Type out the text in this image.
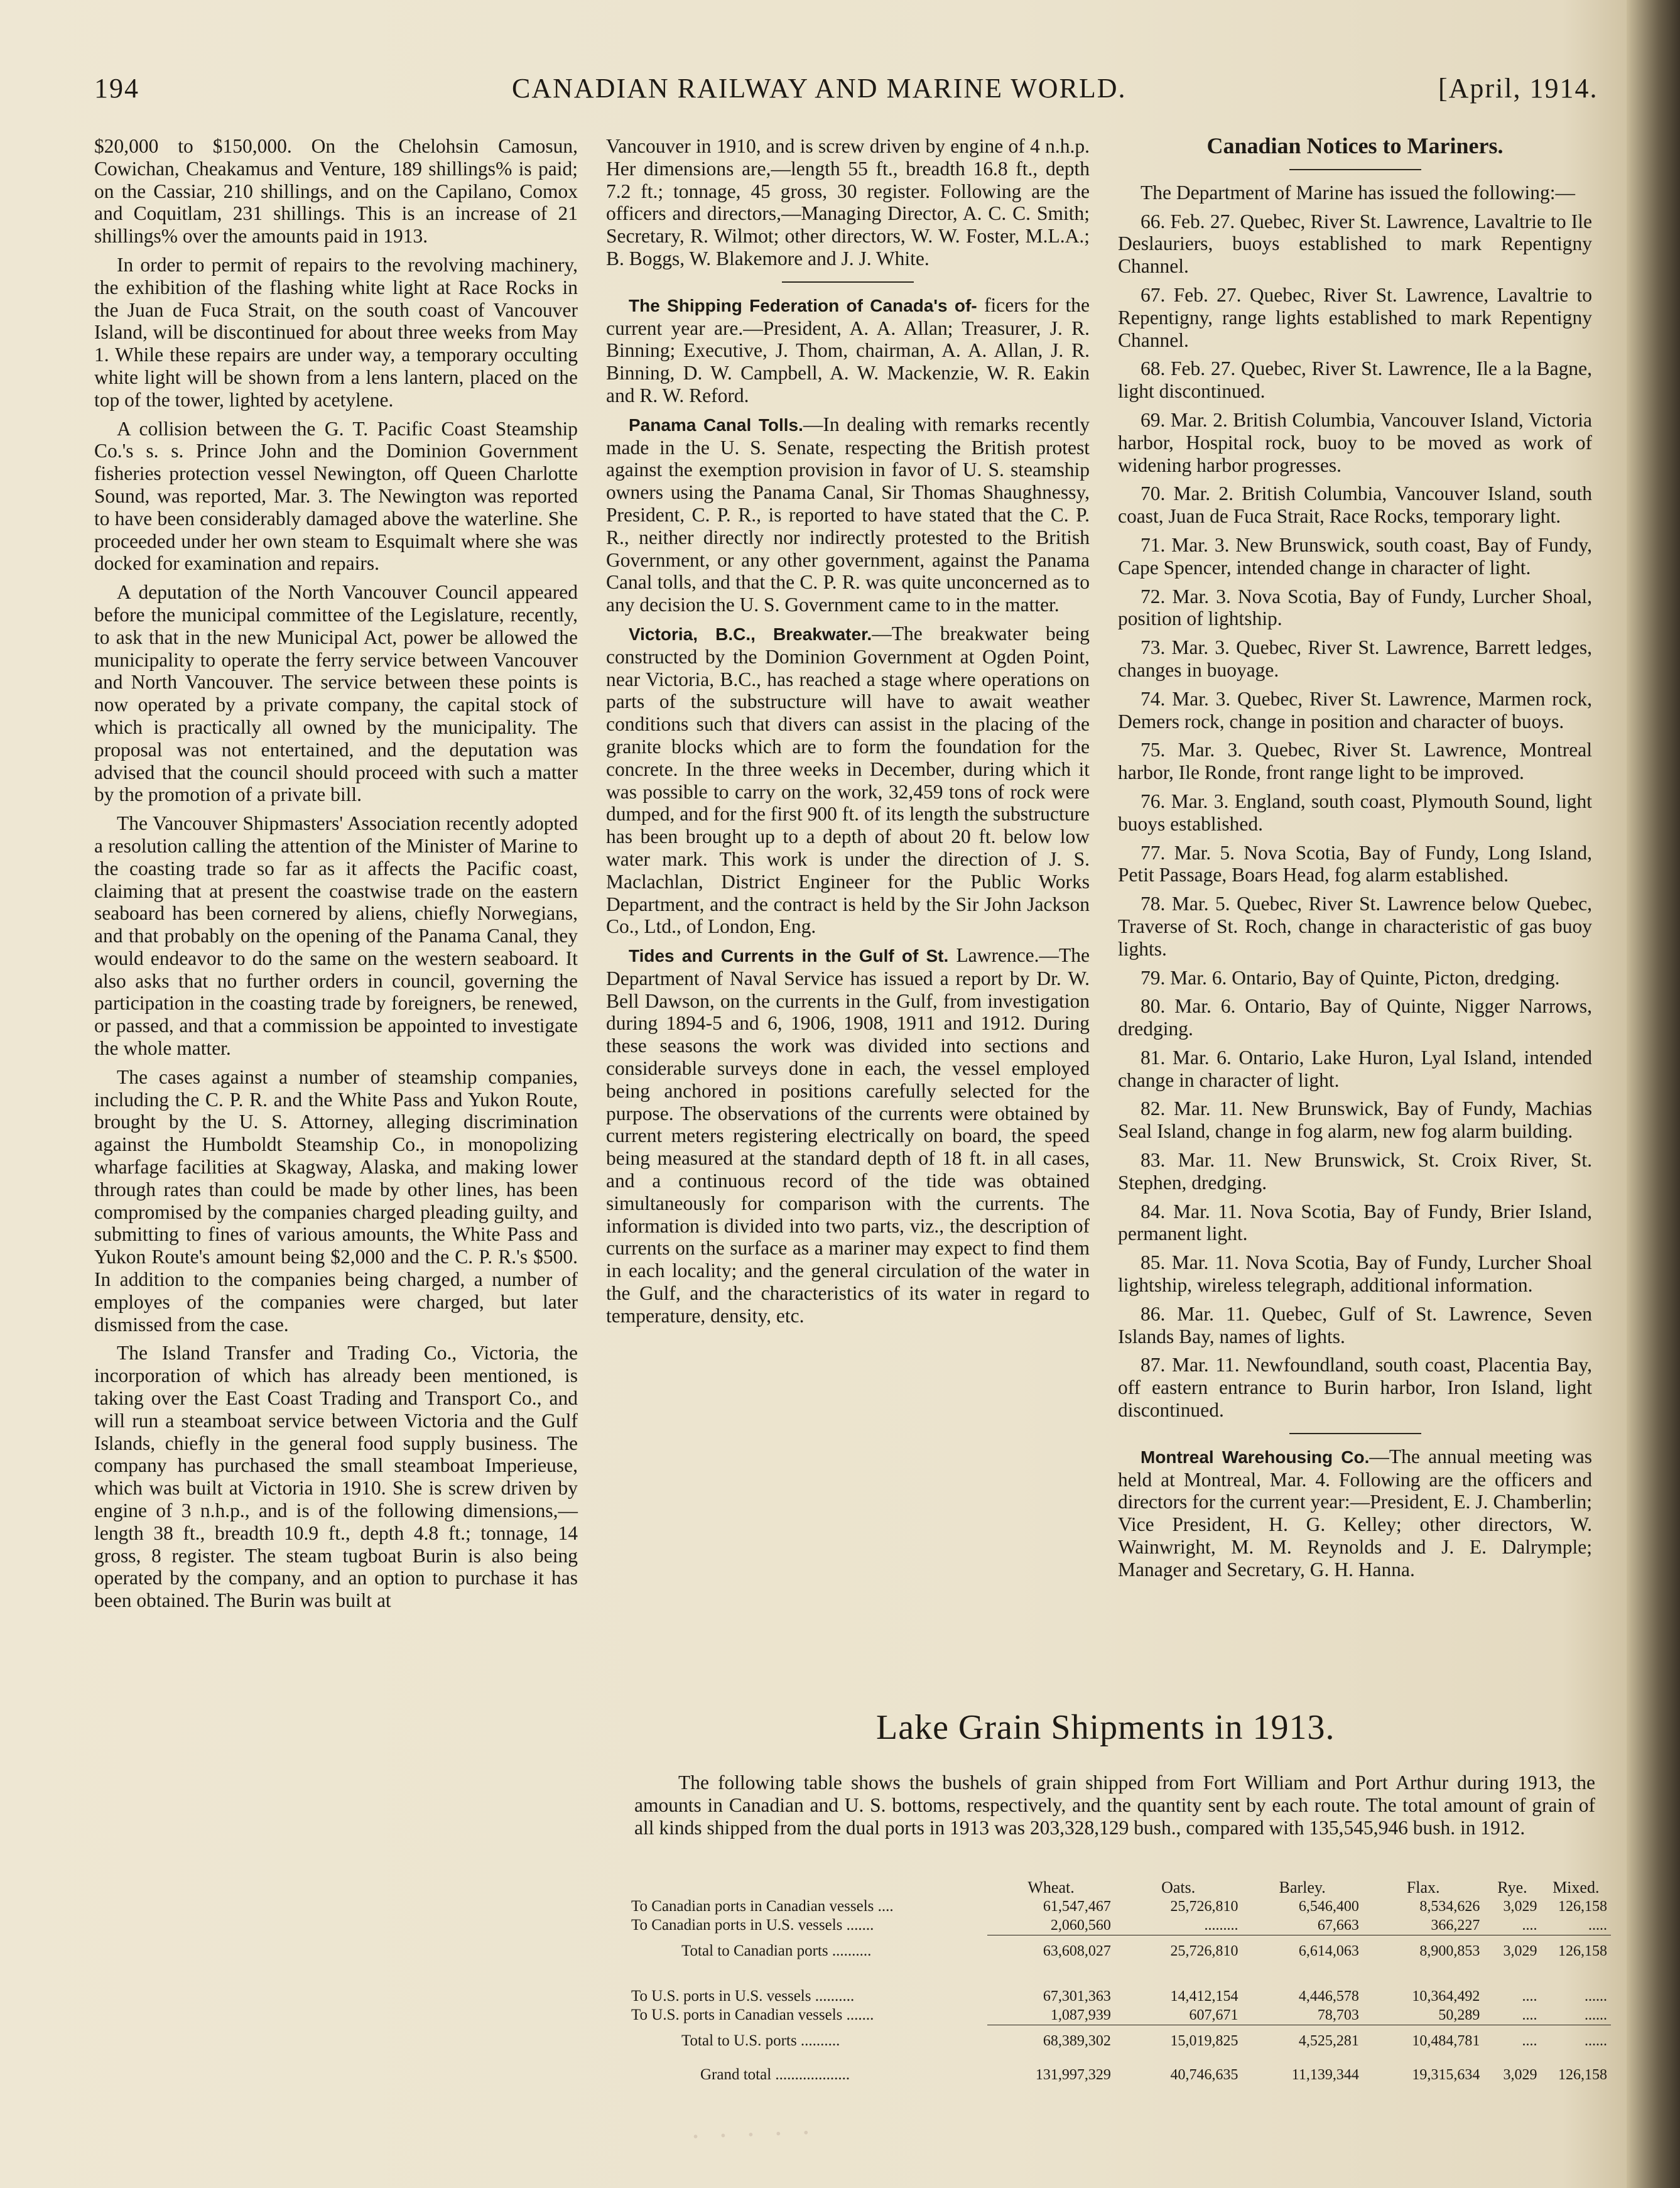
194	CANADIAN RAILWAY AND MARINE WORLD.	[April, 1914.

$20,000 to $150,000. On the Chelohsin Camosun, Cowichan, Cheakamus and Venture, 189 shillings% is paid; on the Cassiar, 210 shillings, and on the Capilano, Comox and Coquitlam, 231 shillings. This is an increase of 21 shillings% over the amounts paid in 1913.

In order to permit of repairs to the revolving machinery, the exhibition of the flashing white light at Race Rocks in the Juan de Fuca Strait, on the south coast of Vancouver Island, will be discontinued for about three weeks from May 1. While these repairs are under way, a temporary occulting white light will be shown from a lens lantern, placed on the top of the tower, lighted by acetylene.

A collision between the G. T. Pacific Coast Steamship Co.'s s. s. Prince John and the Dominion Government fisheries protection vessel Newington, off Queen Charlotte Sound, was reported, Mar. 3. The Newington was reported to have been considerably damaged above the waterline. She proceeded under her own steam to Esquimalt where she was docked for examination and repairs.

A deputation of the North Vancouver Council appeared before the municipal committee of the Legislature, recently, to ask that in the new Municipal Act, power be allowed the municipality to operate the ferry service between Vancouver and North Vancouver. The service between these points is now operated by a private company, the capital stock of which is practically all owned by the municipality. The proposal was not entertained, and the deputation was advised that the council should proceed with such a matter by the promotion of a private bill.

The Vancouver Shipmasters' Association recently adopted a resolution calling the attention of the Minister of Marine to the coasting trade so far as it affects the Pacific coast, claiming that at present the coastwise trade on the eastern seaboard has been cornered by aliens, chiefly Norwegians, and that probably on the opening of the Panama Canal, they would endeavor to do the same on the western seaboard. It also asks that no further orders in council, governing the participation in the coasting trade by foreigners, be renewed, or passed, and that a commission be appointed to investigate the whole matter.

The cases against a number of steamship companies, including the C. P. R. and the White Pass and Yukon Route, brought by the U. S. Attorney, alleging discrimination against the Humboldt Steamship Co., in monopolizing wharfage facilities at Skagway, Alaska, and making lower through rates than could be made by other lines, has been compromised by the companies charged pleading guilty, and submitting to fines of various amounts, the White Pass and Yukon Route's amount being $2,000 and the C. P. R.'s $500. In addition to the companies being charged, a number of employes of the companies were charged, but later dismissed from the case.

The Island Transfer and Trading Co., Victoria, the incorporation of which has already been mentioned, is taking over the East Coast Trading and Transport Co., and will run a steamboat service between Victoria and the Gulf Islands, chiefly in the general food supply business. The company has purchased the small steamboat Imperieuse, which was built at Victoria in 1910. She is screw driven by engine of 3 n.h.p., and is of the following dimensions,—length 38 ft., breadth 10.9 ft., depth 4.8 ft.; tonnage, 14 gross, 8 register. The steam tugboat Burin is also being operated by the company, and an option to purchase it has been obtained. The Burin was built at

Vancouver in 1910, and is screw driven by engine of 4 n.h.p. Her dimensions are,—length 55 ft., breadth 16.8 ft., depth 7.2 ft.; tonnage, 45 gross, 30 register. Following are the officers and directors,—Managing Director, A. C. C. Smith; Secretary, R. Wilmot; other directors, W. W. Foster, M.L.A.; B. Boggs, W. Blakemore and J. J. White.

The Shipping Federation of Canada's of- ficers for the current year are.—President, A. A. Allan; Treasurer, J. R. Binning; Executive, J. Thom, chairman, A. A. Allan, J. R. Binning, D. W. Campbell, A. W. Mackenzie, W. R. Eakin and R. W. Reford.

Panama Canal Tolls.—In dealing with remarks recently made in the U. S. Senate, respecting the British protest against the exemption provision in favor of U. S. steamship owners using the Panama Canal, Sir Thomas Shaughnessy, President, C. P. R., is reported to have stated that the C. P. R., neither directly nor indirectly protested to the British Government, or any other government, against the Panama Canal tolls, and that the C. P. R. was quite unconcerned as to any decision the U. S. Government came to in the matter.

Victoria, B.C., Breakwater.—The breakwater being constructed by the Dominion Government at Ogden Point, near Victoria, B.C., has reached a stage where operations on parts of the substructure will have to await weather conditions such that divers can assist in the placing of the granite blocks which are to form the foundation for the concrete. In the three weeks in December, during which it was possible to carry on the work, 32,459 tons of rock were dumped, and for the first 900 ft. of its length the substructure has been brought up to a depth of about 20 ft. below low water mark. This work is under the direction of J. S. Maclachlan, District Engineer for the Public Works Department, and the contract is held by the Sir John Jackson Co., Ltd., of London, Eng.

Tides and Currents in the Gulf of St. Lawrence.—The Department of Naval Service has issued a report by Dr. W. Bell Dawson, on the currents in the Gulf, from investigation during 1894-5 and 6, 1906, 1908, 1911 and 1912. During these seasons the work was divided into sections and considerable surveys done in each, the vessel employed being anchored in positions carefully selected for the purpose. The observations of the currents were obtained by current meters registering electrically on board, the speed being measured at the standard depth of 18 ft. in all cases, and a continuous record of the tide was obtained simultaneously for comparison with the currents. The information is divided into two parts, viz., the description of currents on the surface as a mariner may expect to find them in each locality; and the general circulation of the water in the Gulf, and the characteristics of its water in regard to temperature, density, etc.

Canadian Notices to Mariners.

The Department of Marine has issued the following:—

66. Feb. 27. Quebec, River St. Lawrence, Lavaltrie to Ile Deslauriers, buoys established to mark Repentigny Channel.

67. Feb. 27. Quebec, River St. Lawrence, Lavaltrie to Repentigny, range lights established to mark Repentigny Channel.

68. Feb. 27. Quebec, River St. Lawrence, Ile a la Bagne, light discontinued.

69. Mar. 2. British Columbia, Vancouver Island, Victoria harbor, Hospital rock, buoy to be moved as work of widening harbor progresses.

70. Mar. 2. British Columbia, Vancouver Island, south coast, Juan de Fuca Strait, Race Rocks, temporary light.

71. Mar. 3. New Brunswick, south coast, Bay of Fundy, Cape Spencer, intended change in character of light.

72. Mar. 3. Nova Scotia, Bay of Fundy, Lurcher Shoal, position of lightship.

73. Mar. 3. Quebec, River St. Lawrence, Barrett ledges, changes in buoyage.

74. Mar. 3. Quebec, River St. Lawrence, Marmen rock, Demers rock, change in position and character of buoys.

75. Mar. 3. Quebec, River St. Lawrence, Montreal harbor, Ile Ronde, front range light to be improved.

76. Mar. 3. England, south coast, Plymouth Sound, light buoys established.

77. Mar. 5. Nova Scotia, Bay of Fundy, Long Island, Petit Passage, Boars Head, fog alarm established.

78. Mar. 5. Quebec, River St. Lawrence below Quebec, Traverse of St. Roch, change in characteristic of gas buoy lights.

79. Mar. 6. Ontario, Bay of Quinte, Picton, dredging.

80. Mar. 6. Ontario, Bay of Quinte, Nigger Narrows, dredging.

81. Mar. 6. Ontario, Lake Huron, Lyal Island, intended change in character of light.

82. Mar. 11. New Brunswick, Bay of Fundy, Machias Seal Island, change in fog alarm, new fog alarm building.

83. Mar. 11. New Brunswick, St. Croix River, St. Stephen, dredging.

84. Mar. 11. Nova Scotia, Bay of Fundy, Brier Island, permanent light.

85. Mar. 11. Nova Scotia, Bay of Fundy, Lurcher Shoal lightship, wireless telegraph, additional information.

86. Mar. 11. Quebec, Gulf of St. Lawrence, Seven Islands Bay, names of lights.

87. Mar. 11. Newfoundland, south coast, Placentia Bay, off eastern entrance to Burin harbor, Iron Island, light discontinued.

Montreal Warehousing Co.—The annual meeting was held at Montreal, Mar. 4. Following are the officers and directors for the current year:—President, E. J. Chamberlin; Vice President, H. G. Kelley; other directors, W. Wainwright, M. M. Reynolds and J. E. Dalrymple; Manager and Secretary, G. H. Hanna.

Lake Grain Shipments in 1913.
The following table shows the bushels of grain shipped from Fort William and Port Arthur during 1913, the amounts in Canadian and U. S. bottoms, respectively, and the quantity sent by each route. The total amount of grain of all kinds shipped from the dual ports in 1913 was 203,328,129 bush., compared with 135,545,946 bush. in 1912.
	Wheat.	Oats.	Barley.	Flax.	Rye.	Mixed.
To Canadian ports in Canadian vessels ....	61,547,467	25,726,810	6,546,400	8,534,626	3,029	126,158
To Canadian ports in U.S. vessels .......	2,060,560	.........	67,663	366,227	....	.....
Total to Canadian ports ..........	63,608,027	25,726,810	6,614,063	8,900,853	3,029	126,158

To U.S. ports in U.S. vessels ..........	67,301,363	14,412,154	4,446,578	10,364,492	....	......
To U.S. ports in Canadian vessels .......	1,087,939	607,671	78,703	50,289	....	......
Total to U.S. ports ..........	68,389,302	15,019,825	4,525,281	10,484,781	....	......
Grand total ...................	131,997,329	40,746,635	11,139,344	19,315,634	3,029	126,158
. . . . .
